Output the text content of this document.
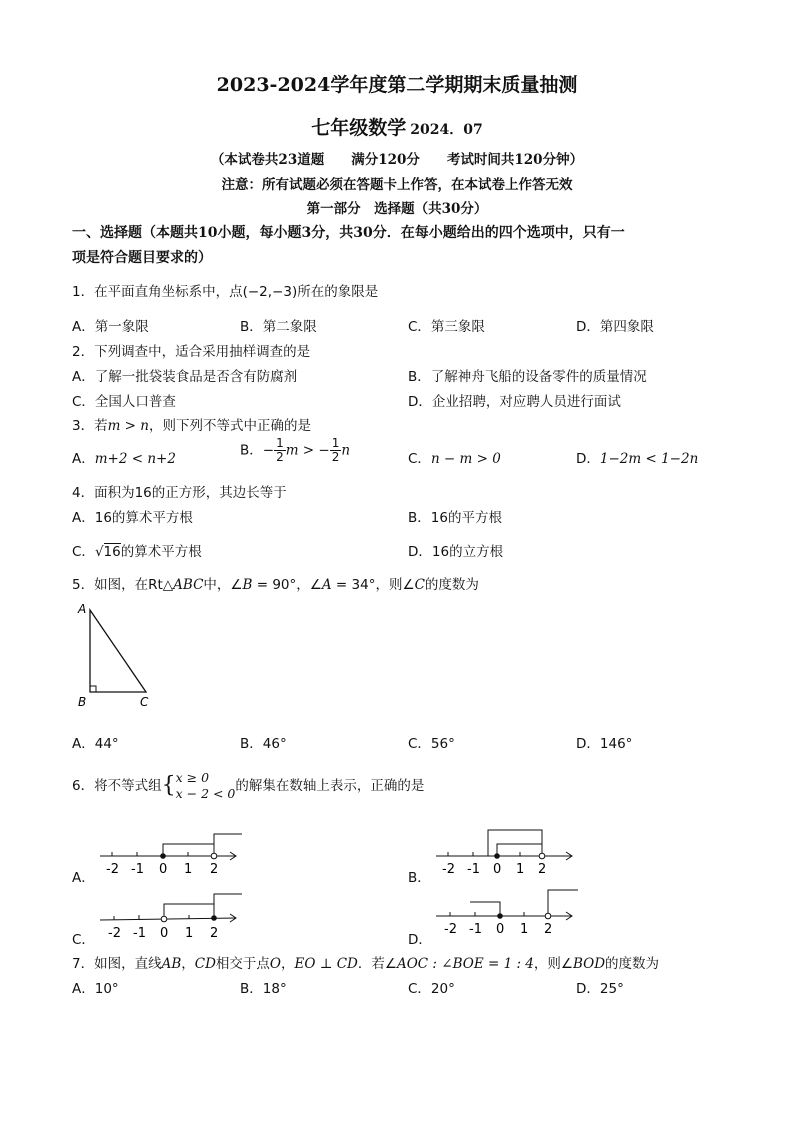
2023-2024学年度第二学期期末质量抽测
七年级数学 2024．07
（本试卷共23道题　　满分120分　　考试时间共120分钟）
注意：所有试题必须在答题卡上作答，在本试卷上作答无效
第一部分　选择题（共30分）
一、选择题（本题共10小题，每小题3分，共30分．在每小题给出的四个选项中，只有一
项是符合题目要求的）
1．在平面直角坐标系中，点(−2,−3)所在的象限是
A．第一象限	B．第二象限	C．第三象限	D．第四象限
2．下列调查中，适合采用抽样调查的是
A．了解一批袋装食品是否含有防腐剂	B．了解神舟飞船的设备零件的质量情况
C．全国人口普查	D．企业招聘，对应聘人员进行面试
3．若m > n，则下列不等式中正确的是
A．m+2 < n+2
B．− $\frac{1}{2}$ m > − $\frac{1}{2}$ n
C．n − m > 0	D．1−2m < 1−2n
4．面积为16的正方形，其边长等于
A．16的算术平方根	B．16的平方根
C．√16的算术平方根	D．16的立方根
5．如图，在Rt△ABC中，∠B = 90°，∠A = 34°，则∠C的度数为
A
B	C
A．44°	B．46°	C．56°	D．146°
6．将不等式组{ x ≥ 0
x − 2 < 0 的解集在数轴上表示，正确的是
A．	B．
C．	D．
-2 -1 0 1 2	-2 -1 0 1 2
-2 -1 0 1 2	-2 -1 0 1 2
7．如图，直线AB，CD相交于点O，EO ⊥ CD．若∠AOC : ∠BOE = 1 : 4，则∠BOD的度数为
A．10°	B．18°	C．20°	D．25°
